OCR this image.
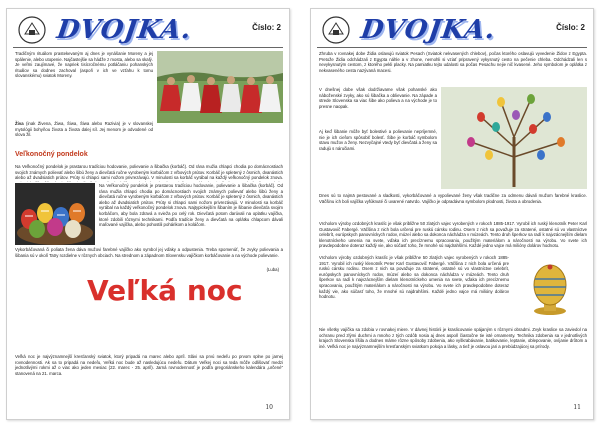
DVOJKA.	Číslo: 2
Tradičným rituálom prastekevaným aj dnes je vynášanie Moreny a jej spálenie, alebo utopenie. Najčastejšie sa hádže z mosta, alebo sa skalý. Je veľmi zaujímavé, že napriek tisícročnému potláčaniu pohanských rituálov sa dodnes zachoval (aspoň v ich ve vzťahu k tomu slovanskému) sviatok Moreny.
Živa (inak Živena, Žiwa, Šiwa, Šiwa alebo Razivia) je v slovanskej mytológii bohyňou života a života dalej síl. Jej menom je odvodené od slova žil.
Veľkonočný pondelok
Na Veľkonočný pondelok je prastarou tradíciou hodovanie, polievanie a šibačka (korbáč). Od rána mužia chlapci chodia po domácnostiach svojich známych polievať alebo šibú ženy a dievčatá ručne vyrobeným korbáčom z vŕbových prútov. Korbáč je spletený z ôsmich, dvanástich alebo až dvadsiatich prútov. Prúty si chlapci sami nožom privrezávajú. V minulosti sa korbáč vyrábal na každý veľkonočný pondelok znova.
Na Veľkonočný pondelok je prastarou tradíciou hodovanie, polievanie a šibačka (korbáč). Od rána mužia chlapci chodia po domácnostiach svojich známych polievať alebo šibú ženy a dievčatá ručne vyrobeným korbáčom z vŕbových prútov. Korbáč je spletený z ôsmich, dvanástich alebo až dvadsiatich prútov. Prúty si chlapci sami nožom privrezávajú. V minulosti sa korbáč vyrábal na každý veľkonočný pondelok znova. Najtypickejším šibaním je šibanie dievčaťa svojim korbáčom, aby bola zdravá a svieža po celý rok. Dievčatá potom darúvali na oplatku vajíčka, ktoré zdobili rôznymi technikami. Podľa tradície ženy a dievčatá na oplátku chlapcom dávali maľované vajíčka, alebo pohostili pohárikom a koláčom.
Vykorbáčovaná či poliata žena dáva mužovi farebné vajíčko ako symbol jej vďaky a odpustenia. Treba spomenúť, že zvyky polievania a šibania sú v okolí Tatry rozdielne v rôznych obciach. Na strednom a západnom Slovensku vajíčkom korbáčovanie a na východe polievanie.
(Luba)
Veľká noc
Veľká noc je najvýznamnejší kresťanský sviatok, ktorý pripadá na marec alebo apríl. Slávi sa prvú nedeľu po prvom splne po jarnej rovnodennosti. Ak sa to pripadá na nedeľu, Veľká noc bude až nasledujúcu nedeľu. Dátum Veľkej noci sa teda môže odlišovať medzi jednotlivými rokmi až o viac ako jeden mesiac (22. marec - 25. apríl). Jarná rovnodennosť je podľa gregoriánskeho kalendára „určené“ stanovená na 21. marca.
10
DVOJKA.	Číslo: 2
Zhruba v rovnakej dobe Židia oslavujú sviatok Pesach (Sviatok nekvasených chlebov), počas ktorého oslavujú vyvedenie Židov z Egypta. Pretože Židia odchádzali z Egypta náhle a v zhone, nemohli si vziať pripravený vykysnutý cesto na pečenie chleba. Odchádzali len s nevykysnutým cestom, z ktorého pekli placky. Na pamiatku tejto udalosti sa počas Pesachu nejie nič kvasené. Jeho symbolom je oplátka z nekvaseného cesta nazývaná macesi.
V dnešnej dobe však dodržiavame však pohanské ako náboženské zvyky, ako sú šibačka a oblievanie. Na západe a strede Slovenska sa viac šibe ako polieva a na východe je to presne naopak.
Aj keď šibanie môže byť bolestivé a polievanie nepríjemné, nie je ich cieľom spôsobiť bolesť. Šibe je korbáč symbolom stavu mužov a ženy. Nezvyčajné vtedy byť dievčatá a ženy sa radujú s náručiami.
Dnes sú to najmä pestované a sladkosti, vykorbáčované a vypolievané ženy však tradične za odmenu dávali mužom farebné kraslice. Väčšinu ich boli vajíčka vyfúknuté či uvarené natvrdo. Vajíčko je odpradávna symbolom plodnosti, života a obrodenia.
Vrcholom výroby ozdobných kraslíc je však približne 50 zlatých vajec vyrobených v rokoch 1885-1917. Vyrobil ich ruský klenotník Peter Karl Gustavovič Fabergé. Väčšina z nich bola určená pre ruskú cársku rodinu. Osem z nich sa považuje za stratené, ostatné sú vo vlastníctve celebrít, európskych panovníckych rodov, múzeí alebo sa dokonca náchádza v múzeách. Tento druh šperkov sa radí k najvzácnejším dielam klenotníckeho umenia na svete, vďaka ich precíznemu spracovaniu, použitým materiálom a náročnosti na výrobu. Vo svete ich pravdepodobne doteraz každý vie, ako súčasť toho, že mnohé sú najdrahšími. Každé jedno vajce má milióny dolárov hodnotu.
Vrcholom výroby ozdobných kraslíc je však približne 50 zlatých vajec vyrobených v rokoch 1885-1917. Vyrobil ich ruský klenotník Peter Karl Gustavovič Fabergé. Väčšina z nich bola určená pre ruskú cársku rodinu. Osem z nich sa považuje za stratené, ostatné sú vo vlastníctve celebrít, európskych panovníckych rodov, múzeí alebo sa dokonca náchádza v múzeách. Tento druh šperkov sa radí k najvzácnejším dielam klenotníckeho umenia na svete, vďaka ich precíznemu spracovaniu, použitým materiálom a náročnosti na výrobu. Vo svete ich pravdepodobne doteraz každý vie, ako súčasť toho, že mnohé sú najdrahšími. Každé jedno vajce má milióny dolárov hodnotu.
Nie všetky vajíčka sa zdobia v rovnakej miere. V dávnej histórii je kraslicovanie spájaným s rôznymi obradmi. Zvyk kraslice sa zaviedol na ochranu pred zlými duchmi a mnoho z tých ozdôb nosia aj dnes aspoň čiastočne tie isté ornamenty. Technika zdobenia sa v jednotlivých krajoch Slovenska líšila a dodnes máme rôzne spôsoby zdobenia, ako vyškrabávanie, batikovanie, leptanie, oblepovanie, ovíjanie drôtom a iné. Veľká noc je najvýznamnejším kresťanským sviatkom pokoja a lásky, a tiež je oslavou jari a prebúdzajúcej sa prírody.
11
